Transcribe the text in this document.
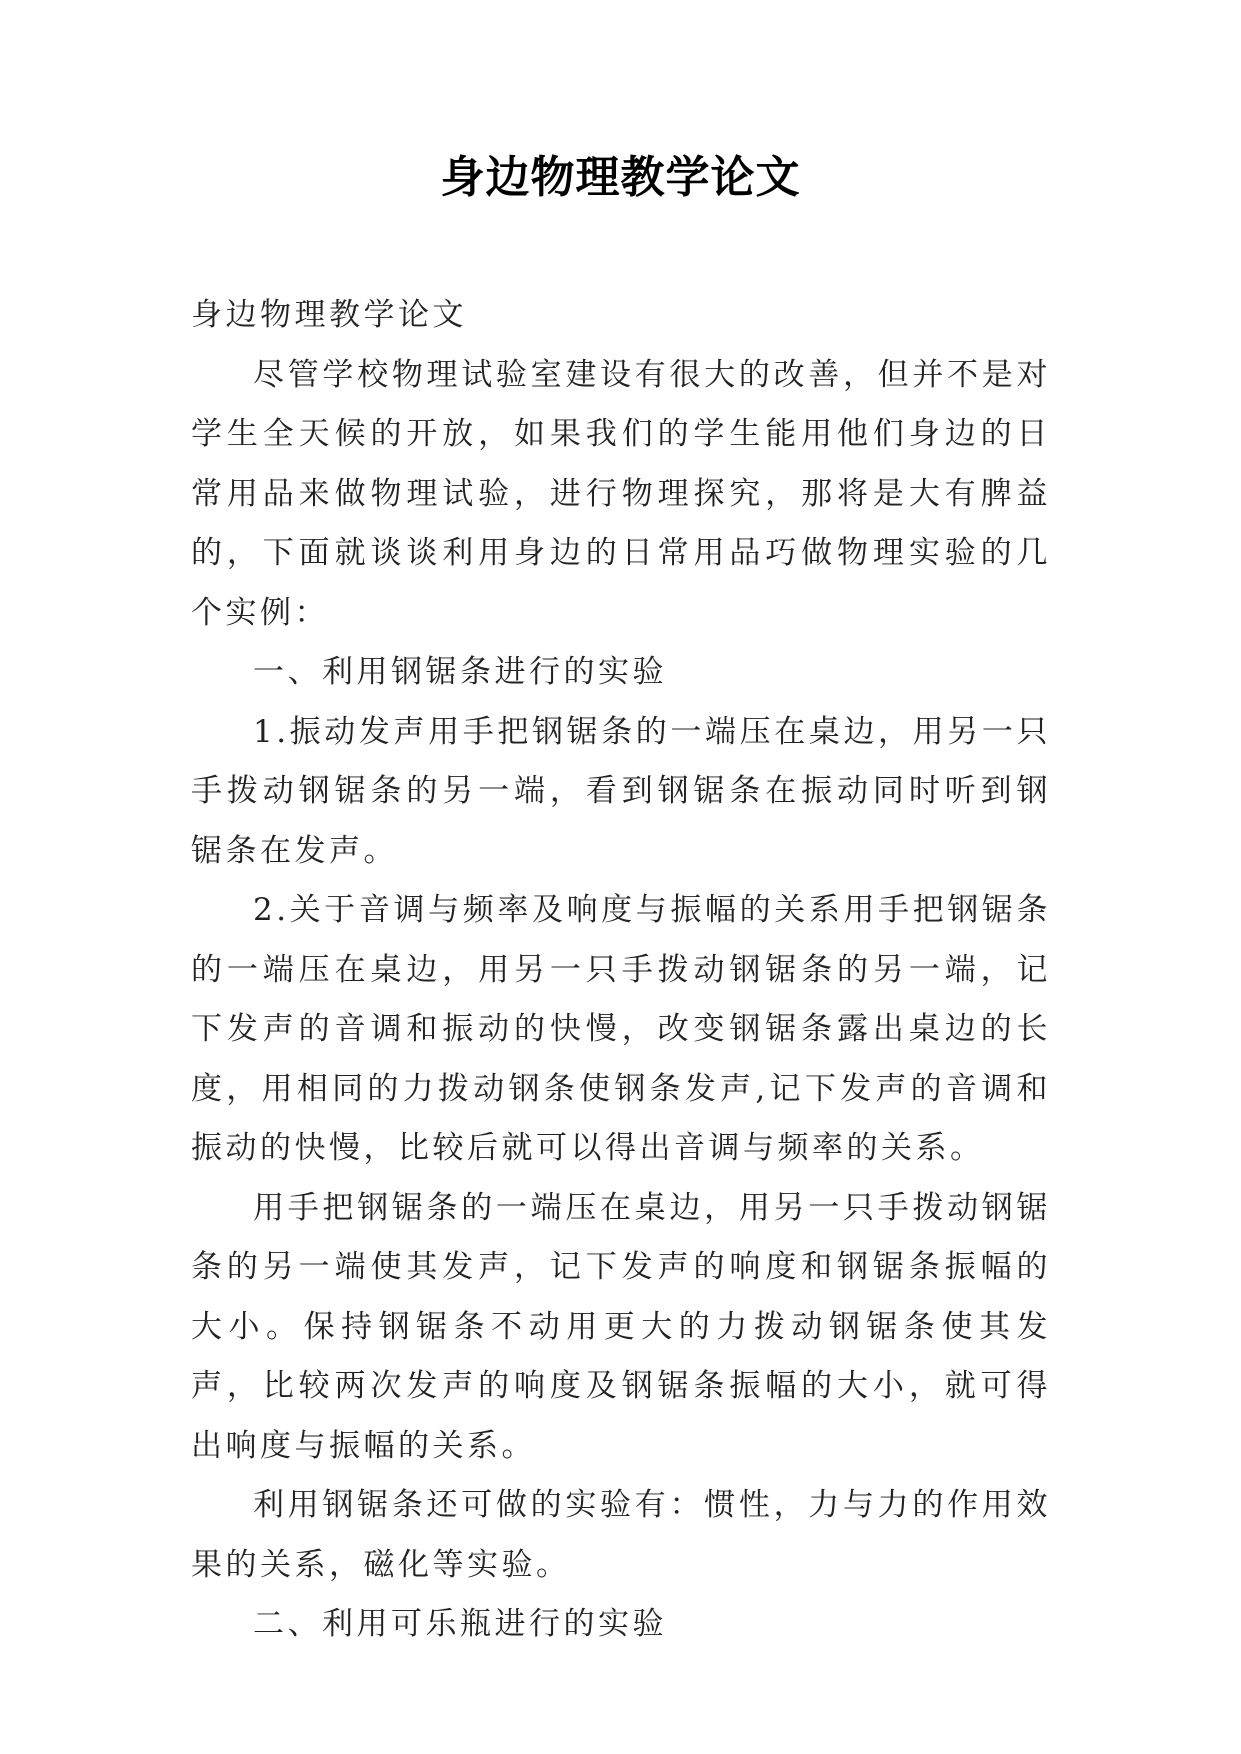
身边物理教学论文

身边物理教学论文

尽管学校物理试验室建设有很大的改善，但并不是对学生全天候的开放，如果我们的学生能用他们身边的日常用品来做物理试验，进行物理探究，那将是大有脾益的，下面就谈谈利用身边的日常用品巧做物理实验的几个实例：

一、利用钢锯条进行的实验

1.振动发声用手把钢锯条的一端压在桌边，用另一只手拨动钢锯条的另一端，看到钢锯条在振动同时听到钢锯条在发声。

2.关于音调与频率及响度与振幅的关系用手把钢锯条的一端压在桌边，用另一只手拨动钢锯条的另一端，记下发声的音调和振动的快慢，改变钢锯条露出桌边的长度，用相同的力拨动钢条使钢条发声,记下发声的音调和振动的快慢，比较后就可以得出音调与频率的关系。

用手把钢锯条的一端压在桌边，用另一只手拨动钢锯条的另一端使其发声，记下发声的响度和钢锯条振幅的大小。保持钢锯条不动用更大的力拨动钢锯条使其发声，比较两次发声的响度及钢锯条振幅的大小，就可得出响度与振幅的关系。

利用钢锯条还可做的实验有：惯性，力与力的作用效果的关系，磁化等实验。

二、利用可乐瓶进行的实验
